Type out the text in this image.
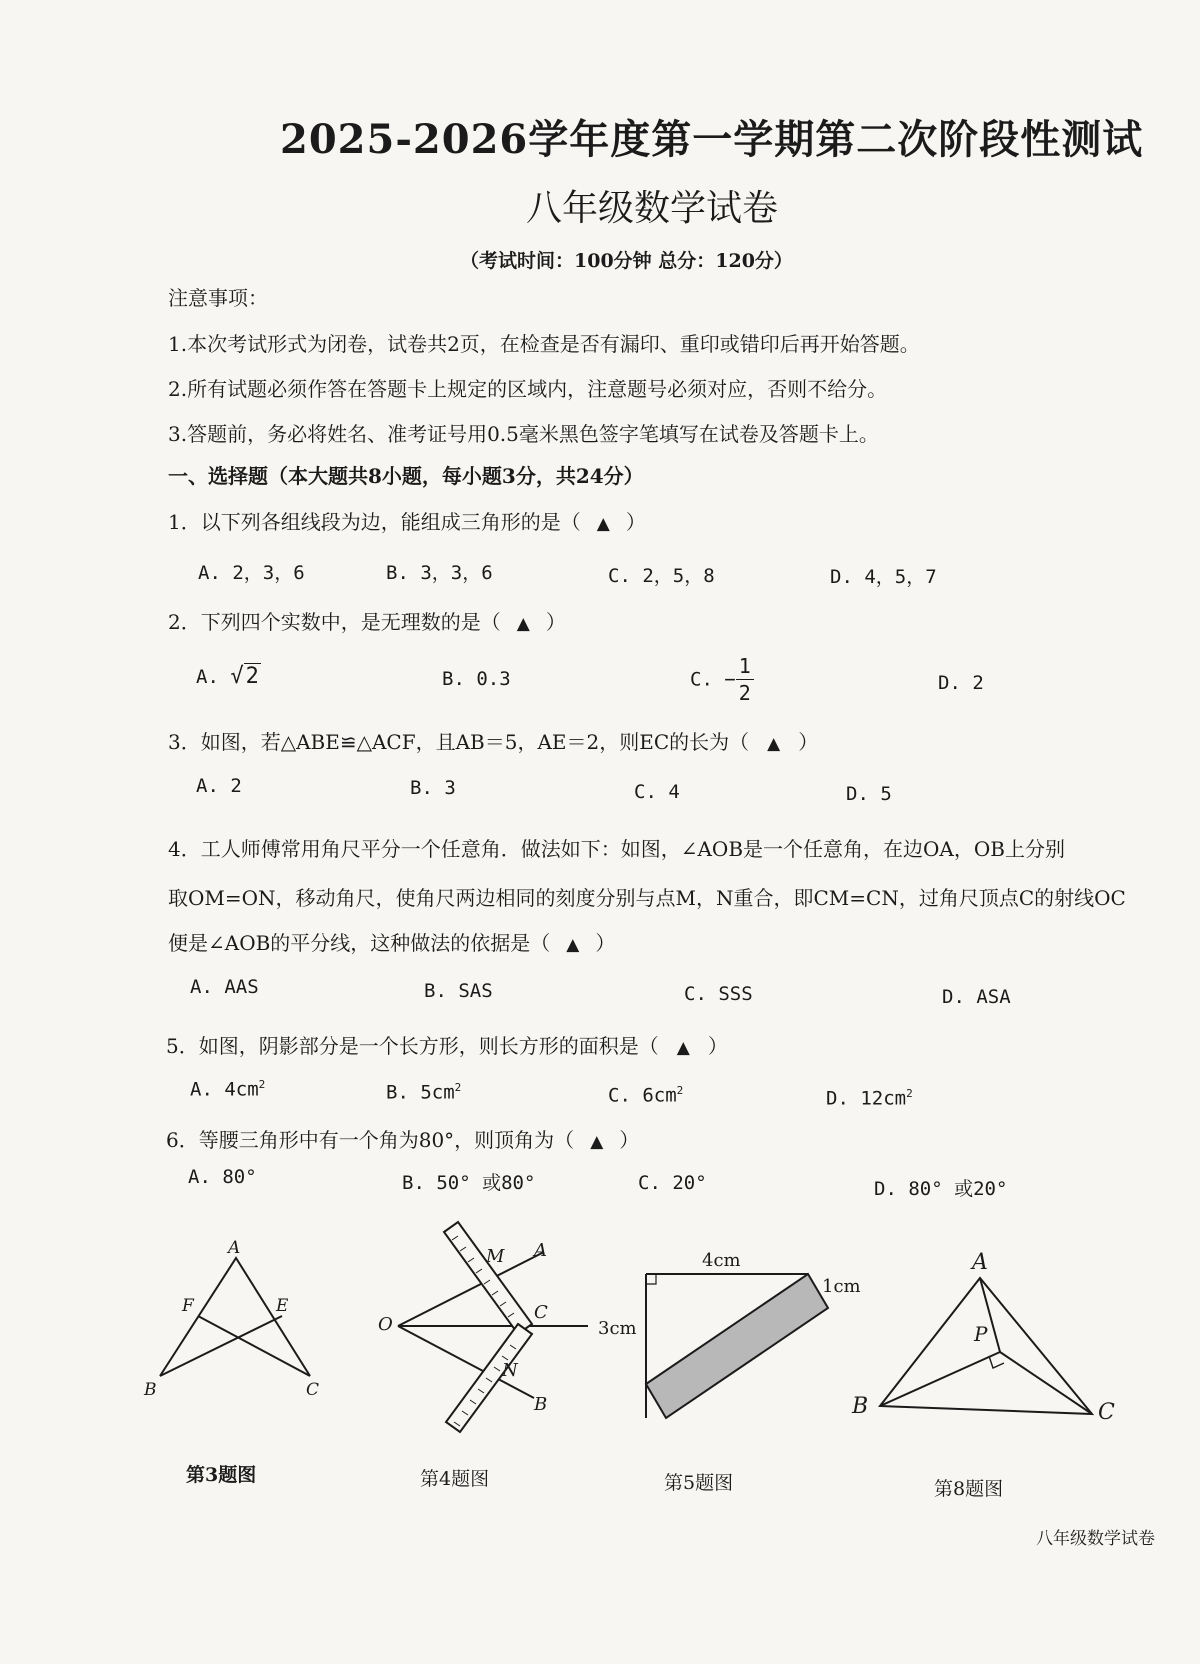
2025-2026学年度第一学期第二次阶段性测试
八年级数学试卷
（考试时间：100分钟 总分：120分）
注意事项：
1.本次考试形式为闭卷，试卷共2页，在检查是否有漏印、重印或错印后再开始答题。
2.所有试题必须作答在答题卡上规定的区域内，注意题号必须对应，否则不给分。
3.答题前，务必将姓名、准考证号用0.5毫米黑色签字笔填写在试卷及答题卡上。
一、选择题（本大题共8小题，每小题3分，共24分）
1．以下列各组线段为边，能组成三角形的是（ ▲ ）
A. 2，3，6	B. 3，3，6	C. 2，5，8	D. 4，5，7
2．下列四个实数中，是无理数的是（ ▲ ）
A. √2	B. 0.3	C. − $\frac{1}{2}$	D. 2
3．如图，若△ABE≌△ACF，且AB＝5，AE＝2，则EC的长为（ ▲ ）
A. 2	B. 3	C. 4	D. 5
4．工人师傅常用角尺平分一个任意角．做法如下：如图，∠AOB是一个任意角，在边OA，OB上分别
取OM=ON，移动角尺，使角尺两边相同的刻度分别与点M，N重合，即CM=CN，过角尺顶点C的射线OC
便是∠AOB的平分线，这种做法的依据是（ ▲ ）
A. AAS	B. SAS	C. SSS	D. ASA
5．如图，阴影部分是一个长方形，则长方形的面积是（ ▲ ）
A. $4cm^2$	B. $5cm^2$	C. $6cm^2$	D. $12cm^2$
6．等腰三角形中有一个角为80°，则顶角为（ ▲ ）
A. 80°	B. 50° 或80°	C. 20°	D. 80° 或20°
A
F	E
B	C
M A
O
C
N
B
4cm
1cm
3cm
A
P
B	C
第3题图	第4题图	第5题图	第8题图
八年级数学试卷
